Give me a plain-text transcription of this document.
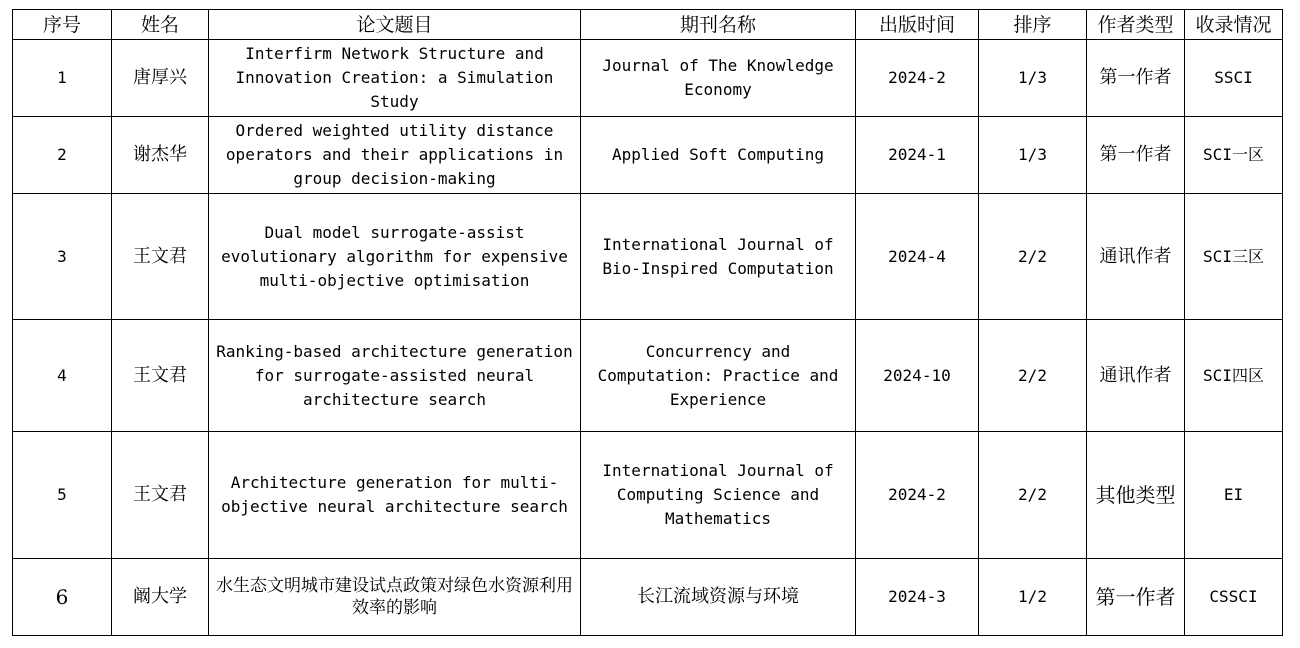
序号	姓名	论文题目	期刊名称	出版时间	排序	作者类型	收录情况
1	唐厚兴	Interfirm Network Structure and Innovation Creation: a Simulation Study	Journal of The Knowledge Economy	2024-2	1/3	第一作者	SSCI
2	谢杰华	Ordered weighted utility distance operators and their applications in group decision-making	Applied Soft Computing	2024-1	1/3	第一作者	SCI一区
3	王文君	Dual model surrogate-assist evolutionary algorithm for expensive multi-objective optimisation	International Journal of Bio-Inspired Computation	2024-4	2/2	通讯作者	SCI三区
4	王文君	Ranking-based architecture generation for surrogate-assisted neural architecture search	Concurrency and Computation: Practice and Experience	2024-10	2/2	通讯作者	SCI四区
5	王文君	Architecture generation for multi-objective neural architecture search	International Journal of Computing Science and Mathematics	2024-2	2/2	其他类型	EI
6	阚大学	水生态文明城市建设试点政策对绿色水资源利用效率的影响	长江流域资源与环境	2024-3	1/2	第一作者	CSSCI
